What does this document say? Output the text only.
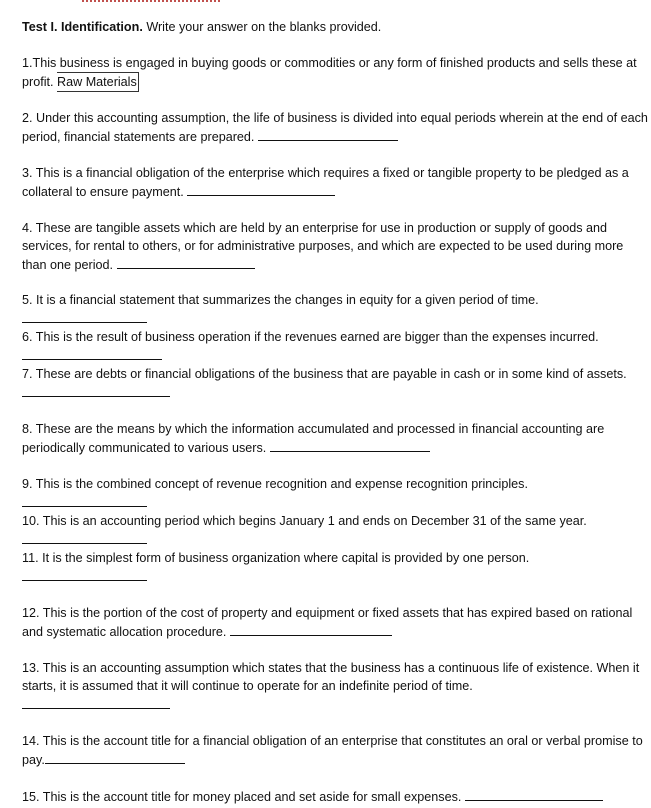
Test I. Identification. Write your answer on the blanks provided.

1.This business is engaged in buying goods or commodities or any form of finished products and sells these at profit. Raw Materials

2. Under this accounting assumption, the life of business is divided into equal periods wherein at the end of each period, financial statements are prepared.

3. This is a financial obligation of the enterprise which requires a fixed or tangible property to be pledged as a collateral to ensure payment.

4. These are tangible assets which are held by an enterprise for use in production or supply of goods and services, for rental to others, or for administrative purposes, and which are expected to be used during more than one period.

5. It is a financial statement that summarizes the changes in equity for a given period of time.

6. This is the result of business operation if the revenues earned are bigger than the expenses incurred.

7. These are debts or financial obligations of the business that are payable in cash or in some kind of assets.

8. These are the means by which the information accumulated and processed in financial accounting are periodically communicated to various users.

9. This is the combined concept of revenue recognition and expense recognition principles.

10. This is an accounting period which begins January 1 and ends on December 31 of the same year.

11. It is the simplest form of business organization where capital is provided by one person.

12. This is the portion of the cost of property and equipment or fixed assets that has expired based on rational and systematic allocation procedure.

13. This is an accounting assumption which states that the business has a continuous life of existence. When it starts, it is assumed that it will continue to operate for an indefinite period of time.

14. This is the account title for a financial obligation of an enterprise that constitutes an oral or verbal promise to pay.

15. This is the account title for money placed and set aside for small expenses.
